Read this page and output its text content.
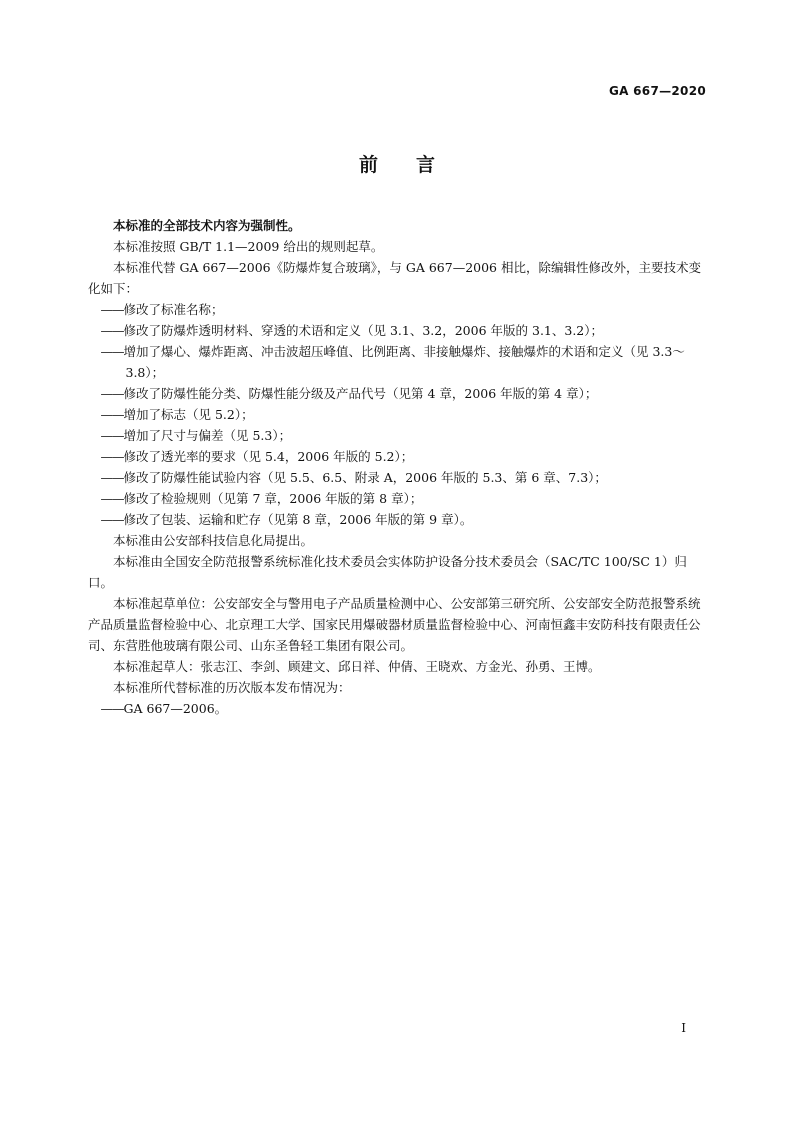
GA 667—2020
前言

本标准的全部技术内容为强制性。

本标准按照 GB/T 1.1—2009 给出的规则起草。

本标准代替 GA 667—2006《防爆炸复合玻璃》，与 GA 667—2006 相比，除编辑性修改外，主要技术变化如下：

——修改了标准名称；

——修改了防爆炸透明材料、穿透的术语和定义（见 3.1、3.2，2006 年版的 3.1、3.2）；

——增加了爆心、爆炸距离、冲击波超压峰值、比例距离、非接触爆炸、接触爆炸的术语和定义（见 3.3～3.8）；

——修改了防爆性能分类、防爆性能分级及产品代号（见第 4 章，2006 年版的第 4 章）；

——增加了标志（见 5.2）；

——增加了尺寸与偏差（见 5.3）；

——修改了透光率的要求（见 5.4，2006 年版的 5.2）；

——修改了防爆性能试验内容（见 5.5、6.5、附录 A，2006 年版的 5.3、第 6 章、7.3）；

——修改了检验规则（见第 7 章，2006 年版的第 8 章）；

——修改了包装、运输和贮存（见第 8 章，2006 年版的第 9 章）。

本标准由公安部科技信息化局提出。

本标准由全国安全防范报警系统标准化技术委员会实体防护设备分技术委员会（SAC/TC 100/SC 1）归口。

本标准起草单位：公安部安全与警用电子产品质量检测中心、公安部第三研究所、公安部安全防范报警系统产品质量监督检验中心、北京理工大学、国家民用爆破器材质量监督检验中心、河南恒鑫丰安防科技有限责任公司、东营胜他玻璃有限公司、山东圣鲁轻工集团有限公司。

本标准起草人：张志江、李剑、顾建文、邱日祥、仲倩、王晓欢、方金光、孙勇、王博。

本标准所代替标准的历次版本发布情况为：

——GA 667—2006。

I
